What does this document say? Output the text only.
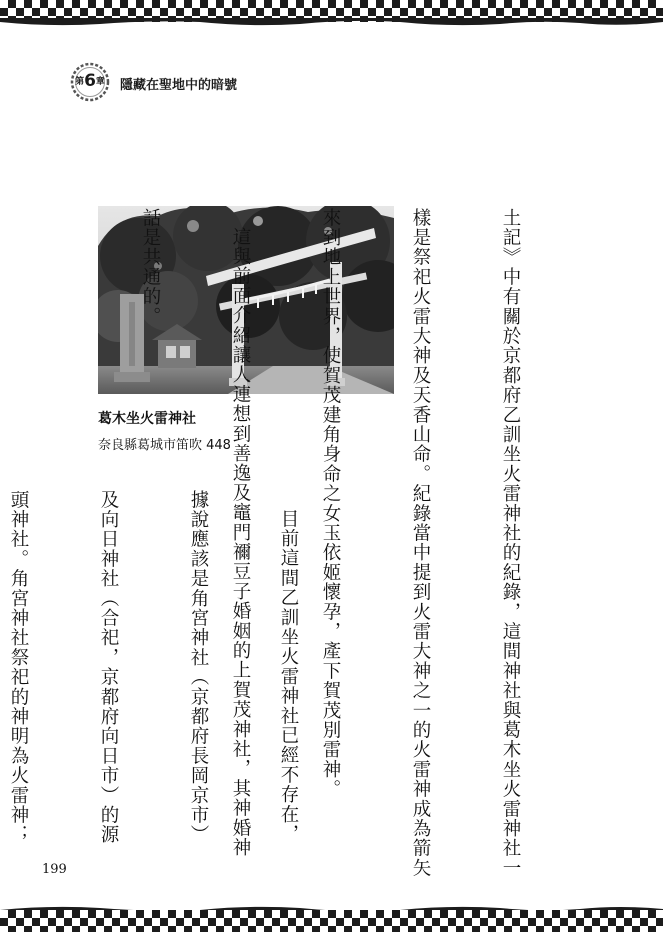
第6章	隱藏在聖地中的暗號
葛木坐火雷神社
奈良縣葛城市笛吹 448

	土記》中有關於京都府乙訓坐火雷神社的紀錄，這間神社與葛木坐火雷神社一

樣是祭祀火雷大神及天香山命。紀錄當中提到火雷大神之一的火雷神成為箭矢

來到地上世界，使賀茂建角身命之女玉依姬懷孕，產下賀茂別雷神。

這與前面介紹讓人連想到善逸及竈門禰豆子婚姻的上賀茂神社，其神婚神

話是共通的。

目前這間乙訓坐火雷神社已經不存在，

據說應該是角宮神社（京都府長岡京市）

及向日神社（合祀，京都府向日市）的源

頭神社。角宮神社祭祀的神明為火雷神；

199
